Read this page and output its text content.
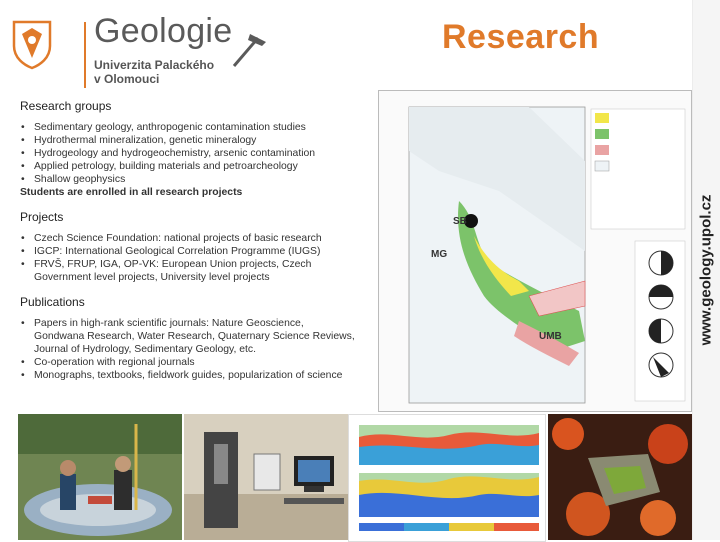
www.geology.upol.cz
Geologie
Univerzita Palackého
v Olomouci
Research
Research groups
• Sedimentary geology, anthropogenic contamination studies
• Hydrothermal mineralization, genetic mineralogy
• Hydrogeology and hydrogeochemistry, arsenic contamination
• Applied petrology, building materials and petroarcheology
• Shallow geophysics
Students are enrolled in all research projects
Projects
• Czech Science Foundation: national projects of basic research
• IGCP: International Geological Correlation Programme (IUGS)
• FRVŠ, FRUP, IGA, OP-VK: European Union projects, Czech Government level projects, University level projects
Publications
• Papers in high-rank scientific journals: Nature Geoscience, Gondwana Research, Water Research, Quaternary Science Reviews, Journal of Hydrology, Sedimentary Geology, etc.
• Co-operation with regional journals
• Monographs, textbooks, fieldwork guides, popularization of science
SB
MG
UMB
